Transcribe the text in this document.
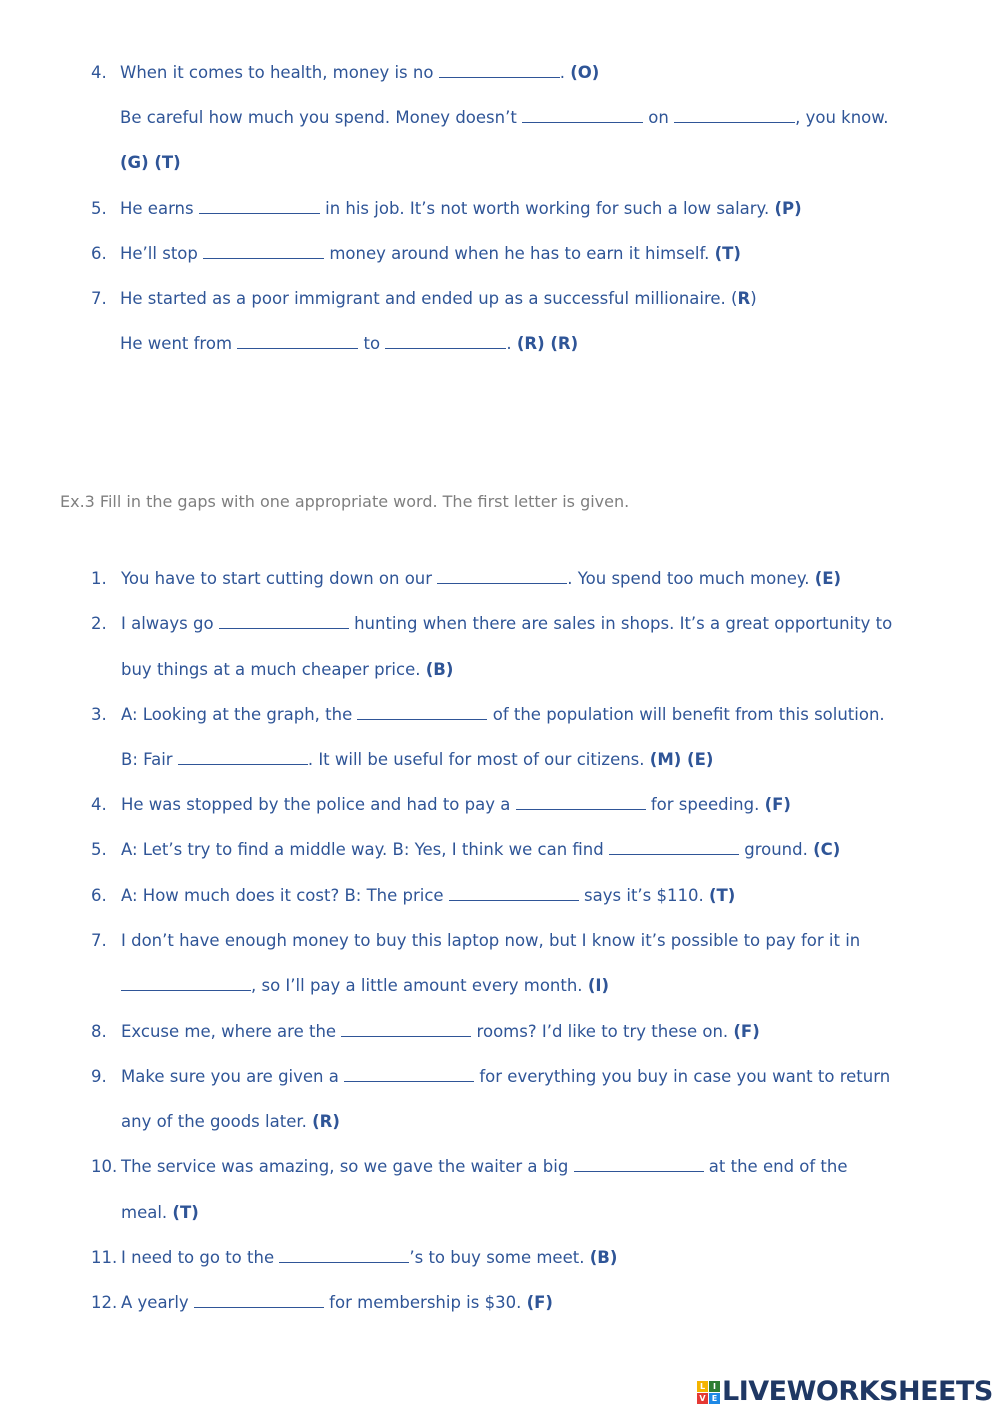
4. When it comes to health, money is no	. (O)
Be careful how much you spend. Money doesn’t	on	, you know.
(G) (T)
5. He earns	in his job. It’s not worth working for such a low salary. (P)
6. He’ll stop	money around when he has to earn it himself. (T)
7. He started as a poor immigrant and ended up as a successful millionaire. (R)
He went from	to	. (R) (R)
Ex.3 Fill in the gaps with one appropriate word. The first letter is given.
1. You have to start cutting down on our	. You spend too much money. (E)
2. I always go	hunting when there are sales in shops. It’s a great opportunity to
buy things at a much cheaper price. (B)
3. A: Looking at the graph, the	of the population will benefit from this solution.
B: Fair	. It will be useful for most of our citizens. (M) (E)
4. He was stopped by the police and had to pay a	for speeding. (F)
5. A: Let’s try to find a middle way. B: Yes, I think we can find	ground. (C)
6. A: How much does it cost? B: The price	says it’s $110. (T)
7. I don’t have enough money to buy this laptop now, but I know it’s possible to pay for it in
, so I’ll pay a little amount every month. (I)
8. Excuse me, where are the	rooms? I’d like to try these on. (F)
9. Make sure you are given a	for everything you buy in case you want to return
any of the goods later. (R)
10. The service was amazing, so we gave the waiter a big	at the end of the
meal. (T)
11. I need to go to the	’s to buy some meet. (B)
12. A yearly	for membership is $30. (F)
L I
V E LIVEWORKSHEETS
